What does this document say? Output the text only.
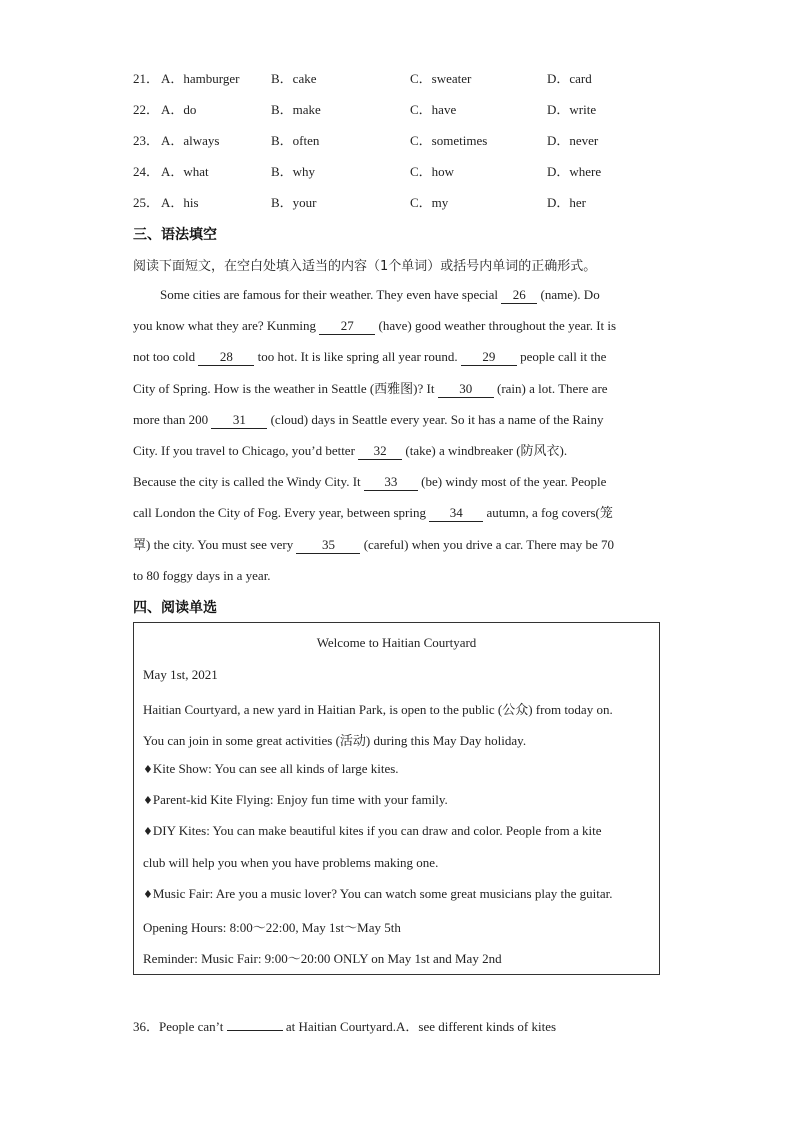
21． A．hamburger B．cake	C．sweater	D．card
22． A．do	B．make	C．have	D．write
23． A．always	B．often	C．sometimes	D．never
24． A．what	B．why	C．how	D．where
25． A．his	B．your	C．my	D．her
三、语法填空
阅读下面短文，在空白处填入适当的内容（1个单词）或括号内单词的正确形式。
Some cities are famous for their weather. They even have special 26 (name). Do
you know what they are? Kunming 27 (have) good weather throughout the year. It is
not too cold 28 too hot. It is like spring all year round. 29 people call it the
City of Spring. How is the weather in Seattle (西雅图)? It 30 (rain) a lot. There are
more than 200 31 (cloud) days in Seattle every year. So it has a name of the Rainy
City. If you travel to Chicago, you’d better 32 (take) a windbreaker (防风衣).
Because the city is called the Windy City. It 33 (be) windy most of the year. People
call London the City of Fog. Every year, between spring 34 autumn, a fog covers(笼
罩) the city. You must see very 35 (careful) when you drive a car. There may be 70
to 80 foggy days in a year.
四、阅读单选
Welcome to Haitian Courtyard
May 1st, 2021
Haitian Courtyard, a new yard in Haitian Park, is open to the public (公众) from today on.
You can join in some great activities (活动) during this May Day holiday.
♦Kite Show: You can see all kinds of large kites.
♦Parent-kid Kite Flying: Enjoy fun time with your family.
♦DIY Kites: You can make beautiful kites if you can draw and color. People from a kite
club will help you when you have problems making one.
♦Music Fair: Are you a music lover? You can watch some great musicians play the guitar.
Opening Hours: 8:00～22:00, May 1st～May 5th
Reminder: Music Fair: 9:00～20:00 ONLY on May 1st and May 2nd
36．People can’t	at Haitian Courtyard.A．see different kinds of kites
